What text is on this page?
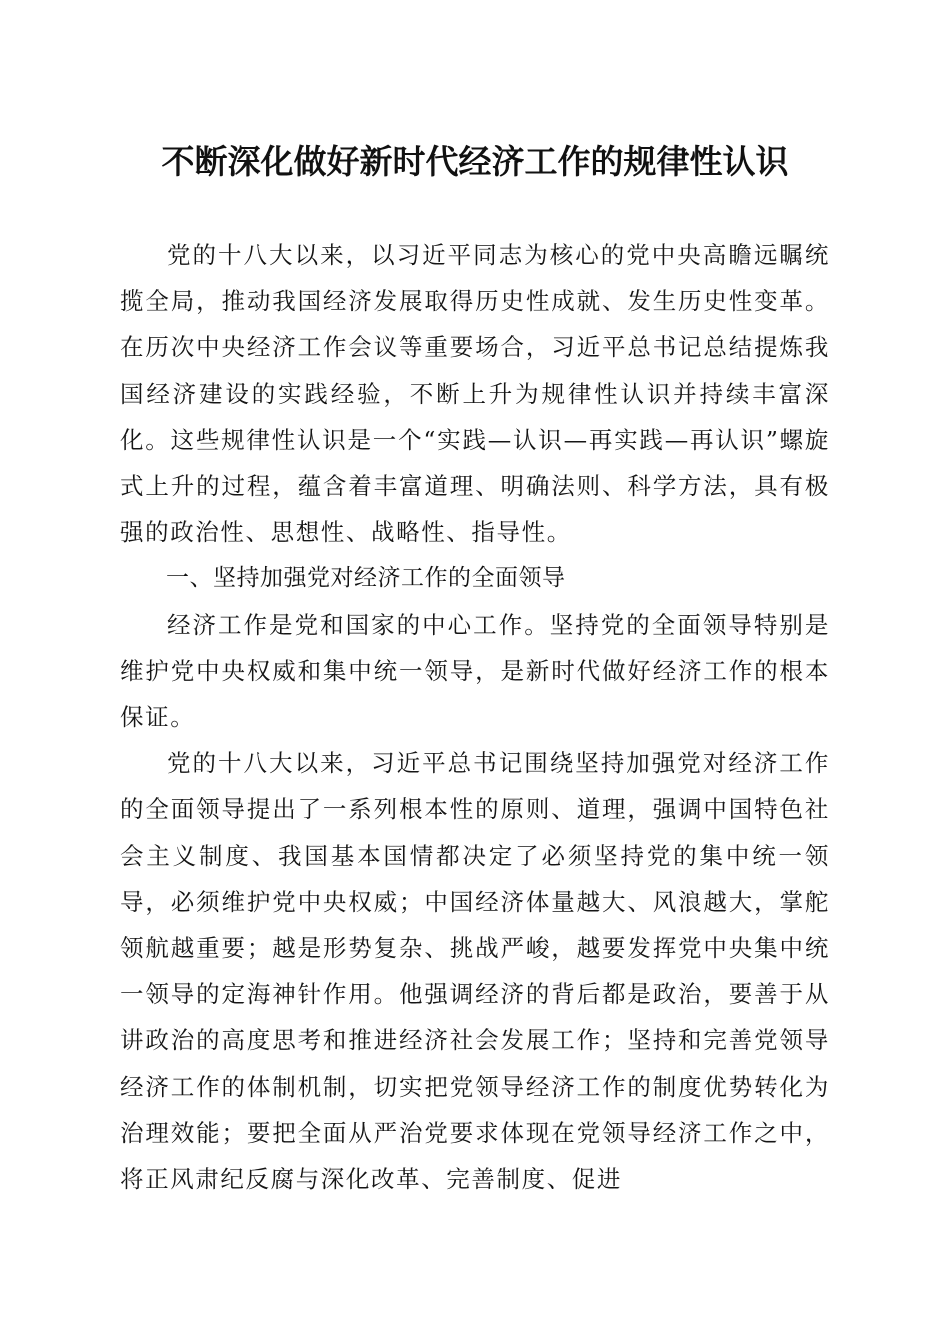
不断深化做好新时代经济工作的规律性认识

党的十八大以来，以习近平同志为核心的党中央高瞻远瞩统揽全局，推动我国经济发展取得历史性成就、发生历史性变革。在历次中央经济工作会议等重要场合，习近平总书记总结提炼我国经济建设的实践经验，不断上升为规律性认识并持续丰富深化。这些规律性认识是一个“实践—认识—再实践—再认识”螺旋式上升的过程，蕴含着丰富道理、明确法则、科学方法，具有极强的政治性、思想性、战略性、指导性。

一、坚持加强党对经济工作的全面领导

经济工作是党和国家的中心工作。坚持党的全面领导特别是维护党中央权威和集中统一领导，是新时代做好经济工作的根本保证。

党的十八大以来，习近平总书记围绕坚持加强党对经济工作的全面领导提出了一系列根本性的原则、道理，强调中国特色社会主义制度、我国基本国情都决定了必须坚持党的集中统一领导，必须维护党中央权威；中国经济体量越大、风浪越大，掌舵领航越重要；越是形势复杂、挑战严峻，越要发挥党中央集中统一领导的定海神针作用。他强调经济的背后都是政治，要善于从讲政治的高度思考和推进经济社会发展工作；坚持和完善党领导经济工作的体制机制，切实把党领导经济工作的制度优势转化为治理效能；要把全面从严治党要求体现在党领导经济工作之中，将正风肃纪反腐与深化改革、完善制度、促进
